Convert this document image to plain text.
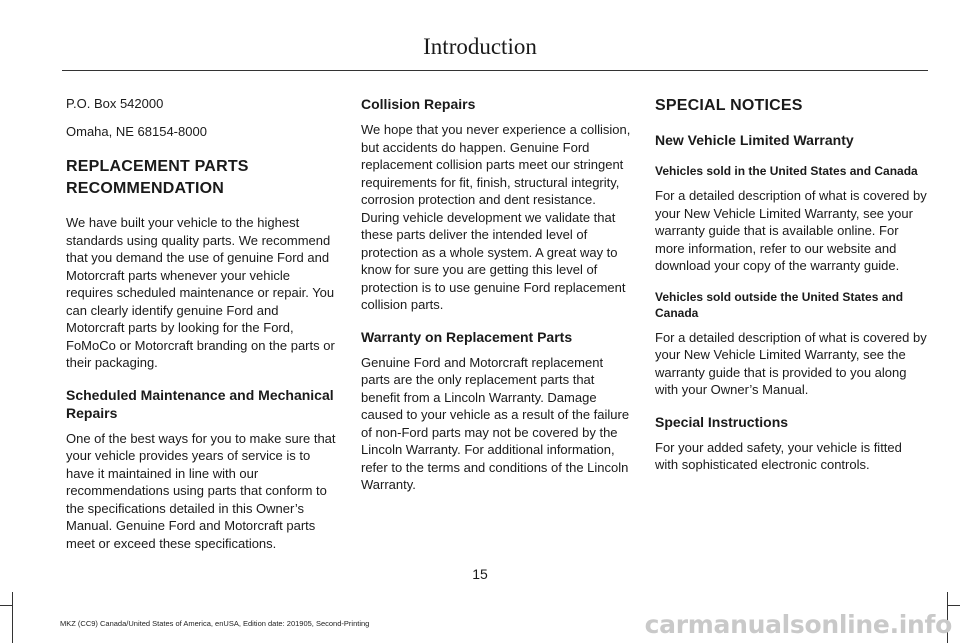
Introduction

P.O. Box 542000

Omaha, NE 68154-8000

REPLACEMENT PARTS
RECOMMENDATION

We have built your vehicle to the highest standards using quality parts. We recommend that you demand the use of genuine Ford and Motorcraft parts whenever your vehicle requires scheduled maintenance or repair. You can clearly identify genuine Ford and Motorcraft parts by looking for the Ford, FoMoCo or Motorcraft branding on the parts or their packaging.

Scheduled Maintenance and Mechanical Repairs

One of the best ways for you to make sure that your vehicle provides years of service is to have it maintained in line with our recommendations using parts that conform to the specifications detailed in this Owner’s Manual. Genuine Ford and Motorcraft parts meet or exceed these specifications.

Collision Repairs

We hope that you never experience a collision, but accidents do happen. Genuine Ford replacement collision parts meet our stringent requirements for fit, finish, structural integrity, corrosion protection and dent resistance. During vehicle development we validate that these parts deliver the intended level of protection as a whole system. A great way to know for sure you are getting this level of protection is to use genuine Ford replacement collision parts.

Warranty on Replacement Parts

Genuine Ford and Motorcraft replacement parts are the only replacement parts that benefit from a Lincoln Warranty. Damage caused to your vehicle as a result of the failure of non-Ford parts may not be covered by the Lincoln Warranty. For additional information, refer to the terms and conditions of the Lincoln Warranty.

SPECIAL NOTICES
New Vehicle Limited Warranty
Vehicles sold in the United States and Canada

For a detailed description of what is covered by your New Vehicle Limited Warranty, see your warranty guide that is available online. For more information, refer to our website and download your copy of the warranty guide.

Vehicles sold outside the United States and Canada

For a detailed description of what is covered by your New Vehicle Limited Warranty, see the warranty guide that is provided to you along with your Owner’s Manual.

Special Instructions

For your added safety, your vehicle is fitted with sophisticated electronic controls.

15
MKZ (CC9) Canada/United States of America, enUSA, Edition date: 201905, Second-Printing	carmanualsonline.info
